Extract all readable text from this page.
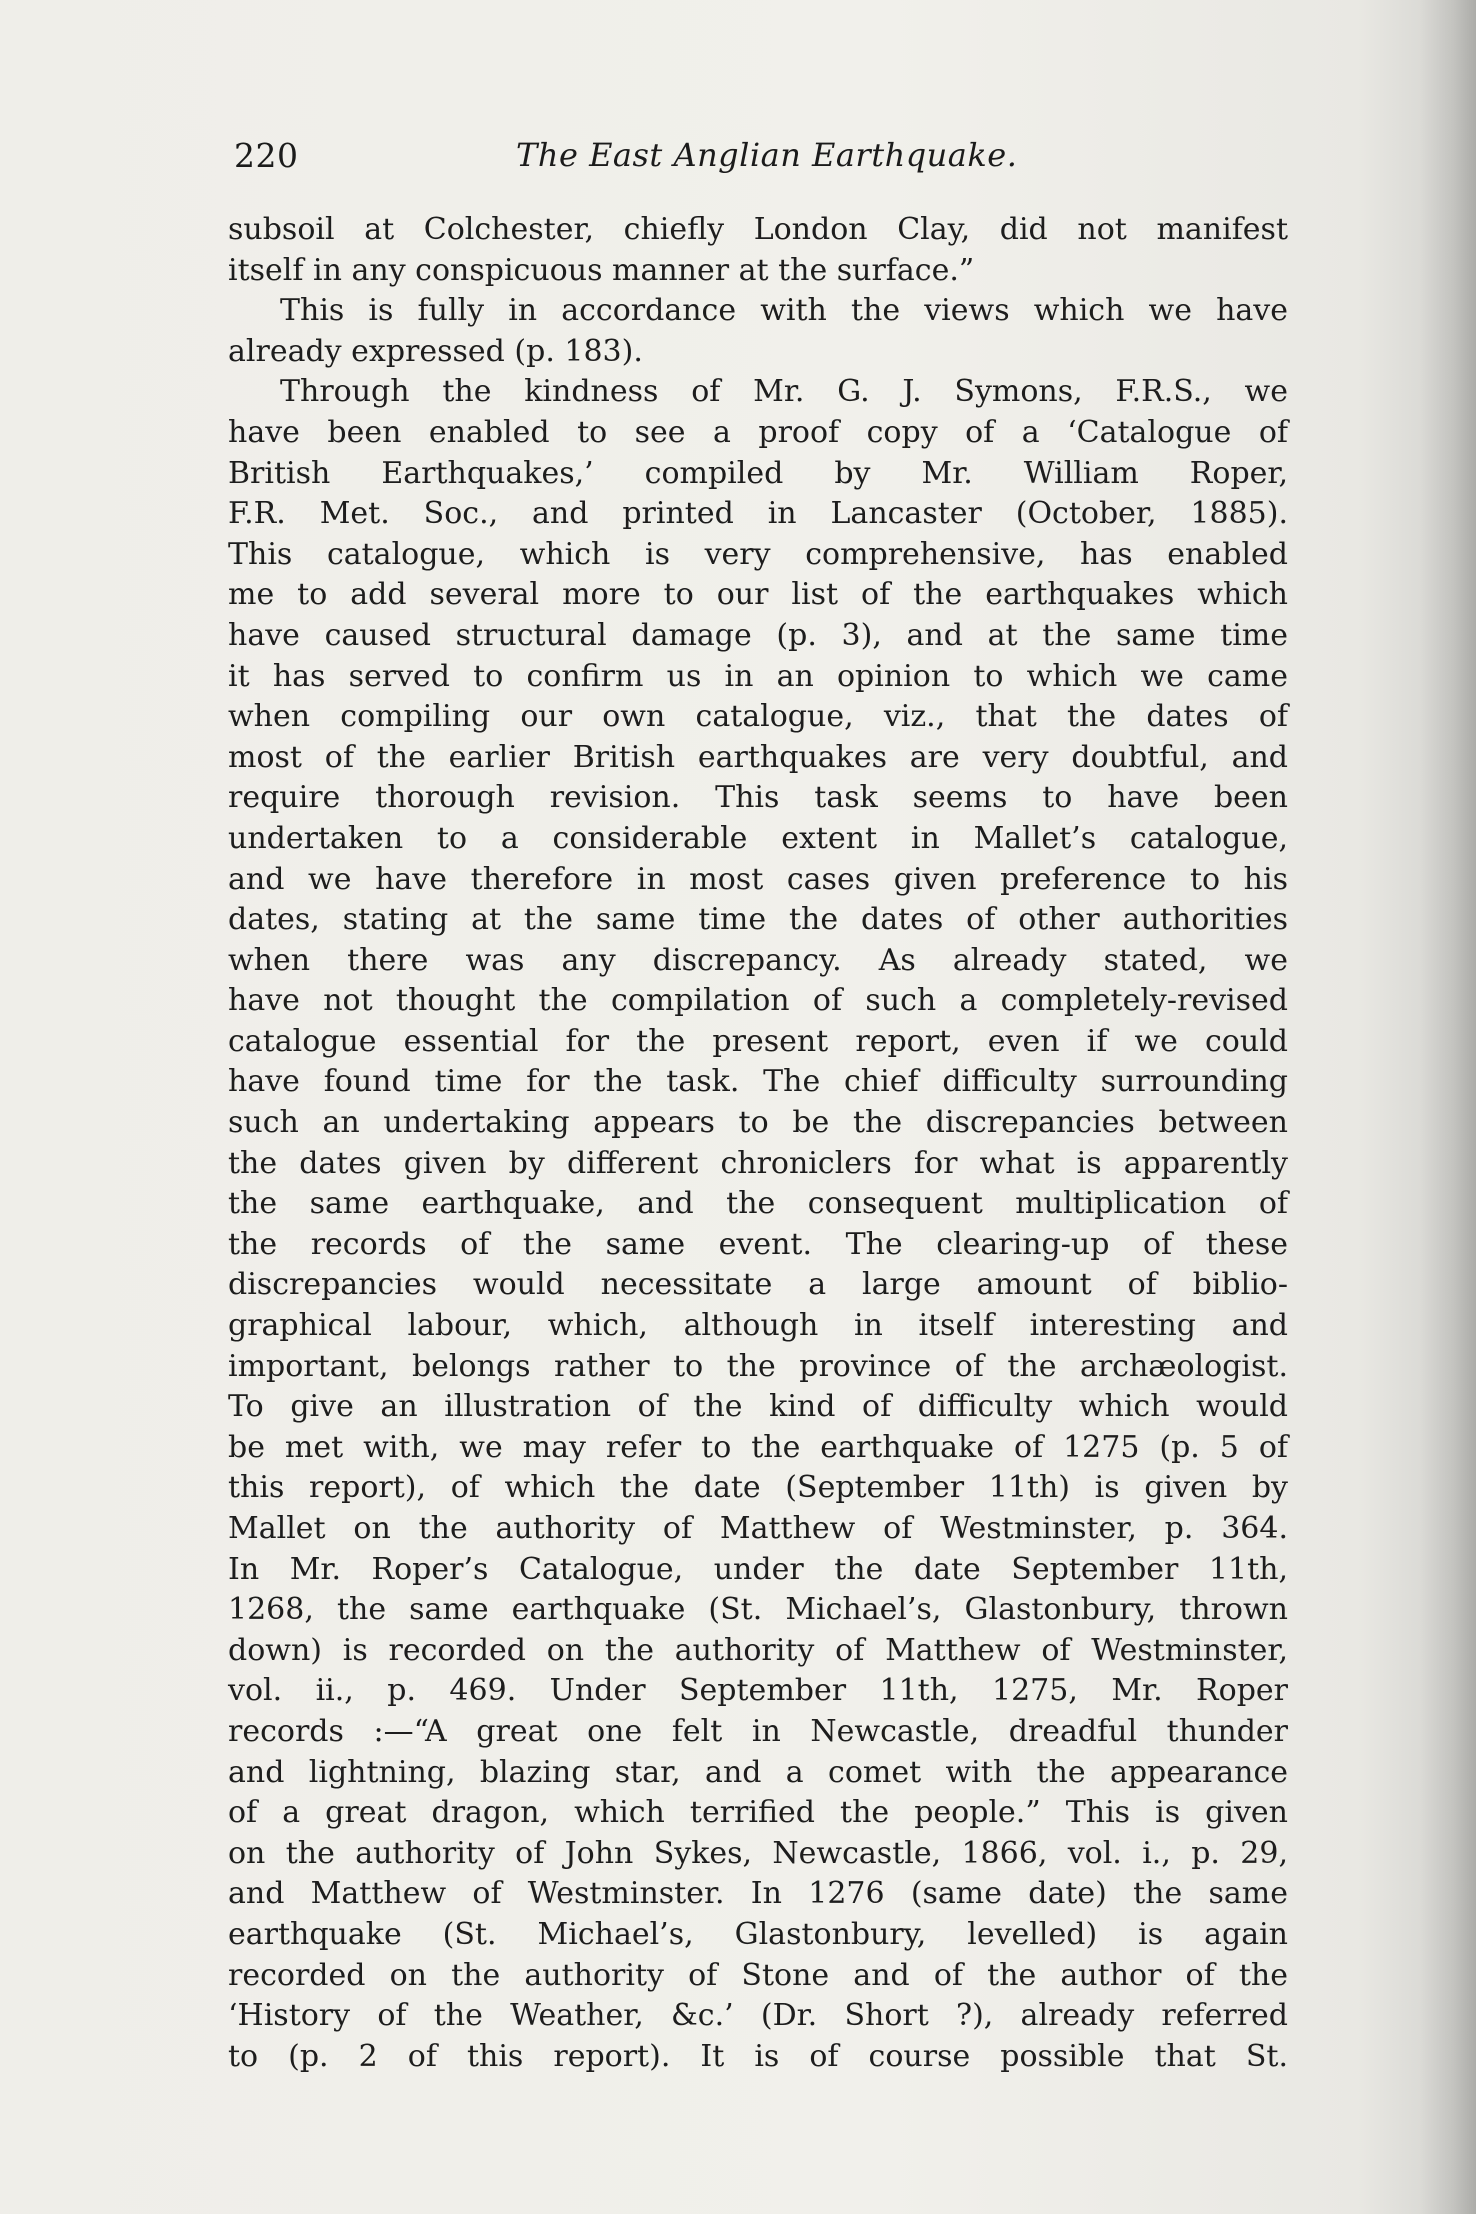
220	The East Anglian Earthquake.
subsoil at Colchester, chiefly London Clay, did not manifest
itself in any conspicuous manner at the surface.”
This is fully in accordance with the views which we have
already expressed (p. 183).
Through the kindness of Mr. G. J. Symons, F.R.S., we
have been enabled to see a proof copy of a ‘Catalogue of
British Earthquakes,’ compiled by Mr. William Roper,
F.R. Met. Soc., and printed in Lancaster (October, 1885).
This catalogue, which is very comprehensive, has enabled
me to add several more to our list of the earthquakes which
have caused structural damage (p. 3), and at the same time
it has served to confirm us in an opinion to which we came
when compiling our own catalogue, viz., that the dates of
most of the earlier British earthquakes are very doubtful, and
require thorough revision. This task seems to have been
undertaken to a considerable extent in Mallet’s catalogue,
and we have therefore in most cases given preference to his
dates, stating at the same time the dates of other authorities
when there was any discrepancy. As already stated, we
have not thought the compilation of such a completely-revised
catalogue essential for the present report, even if we could
have found time for the task. The chief difficulty surrounding
such an undertaking appears to be the discrepancies between
the dates given by different chroniclers for what is apparently
the same earthquake, and the consequent multiplication of
the records of the same event. The clearing-up of these
discrepancies would necessitate a large amount of biblio-
graphical labour, which, although in itself interesting and
important, belongs rather to the province of the archæologist.
To give an illustration of the kind of difficulty which would
be met with, we may refer to the earthquake of 1275 (p. 5 of
this report), of which the date (September 11th) is given by
Mallet on the authority of Matthew of Westminster, p. 364.
In Mr. Roper’s Catalogue, under the date September 11th,
1268, the same earthquake (St. Michael’s, Glastonbury, thrown
down) is recorded on the authority of Matthew of Westminster,
vol. ii., p. 469. Under September 11th, 1275, Mr. Roper
records :—“A great one felt in Newcastle, dreadful thunder
and lightning, blazing star, and a comet with the appearance
of a great dragon, which terrified the people.” This is given
on the authority of John Sykes, Newcastle, 1866, vol. i., p. 29,
and Matthew of Westminster. In 1276 (same date) the same
earthquake (St. Michael’s, Glastonbury, levelled) is again
recorded on the authority of Stone and of the author of the
‘History of the Weather, &c.’ (Dr. Short ?), already referred
to (p. 2 of this report). It is of course possible that St.
